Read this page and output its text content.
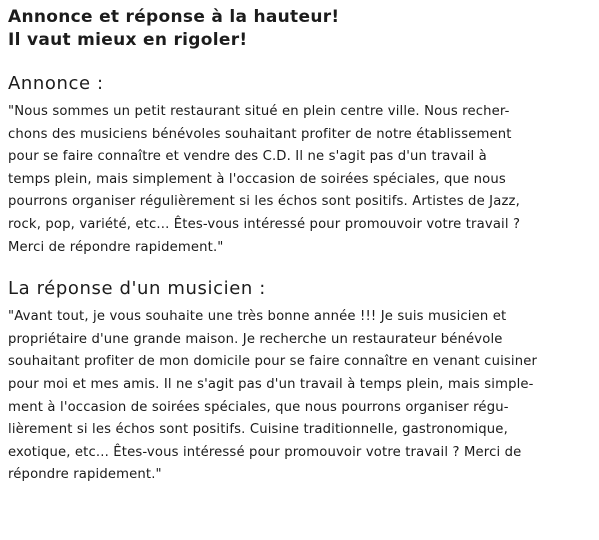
Annonce et réponse à la hauteur!
Il vaut mieux en rigoler!
Annonce :
"Nous sommes un petit restaurant situé en plein centre ville. Nous recher-
chons des musiciens bénévoles souhaitant profiter de notre établissement
pour se faire connaître et vendre des C.D. Il ne s'agit pas d'un travail à
temps plein, mais simplement à l'occasion de soirées spéciales, que nous
pourrons organiser régulièrement si les échos sont positifs. Artistes de Jazz,
rock, pop, variété, etc... Êtes-vous intéressé pour promouvoir votre travail ?
Merci de répondre rapidement."
La réponse d'un musicien :
"Avant tout, je vous souhaite une très bonne année !!! Je suis musicien et
propriétaire d'une grande maison. Je recherche un restaurateur bénévole
souhaitant profiter de mon domicile pour se faire connaître en venant cuisiner
pour moi et mes amis. Il ne s'agit pas d'un travail à temps plein, mais simple-
ment à l'occasion de soirées spéciales, que nous pourrons organiser régu-
lièrement si les échos sont positifs. Cuisine traditionnelle, gastronomique,
exotique, etc... Êtes-vous intéressé pour promouvoir votre travail ? Merci de
répondre rapidement."
